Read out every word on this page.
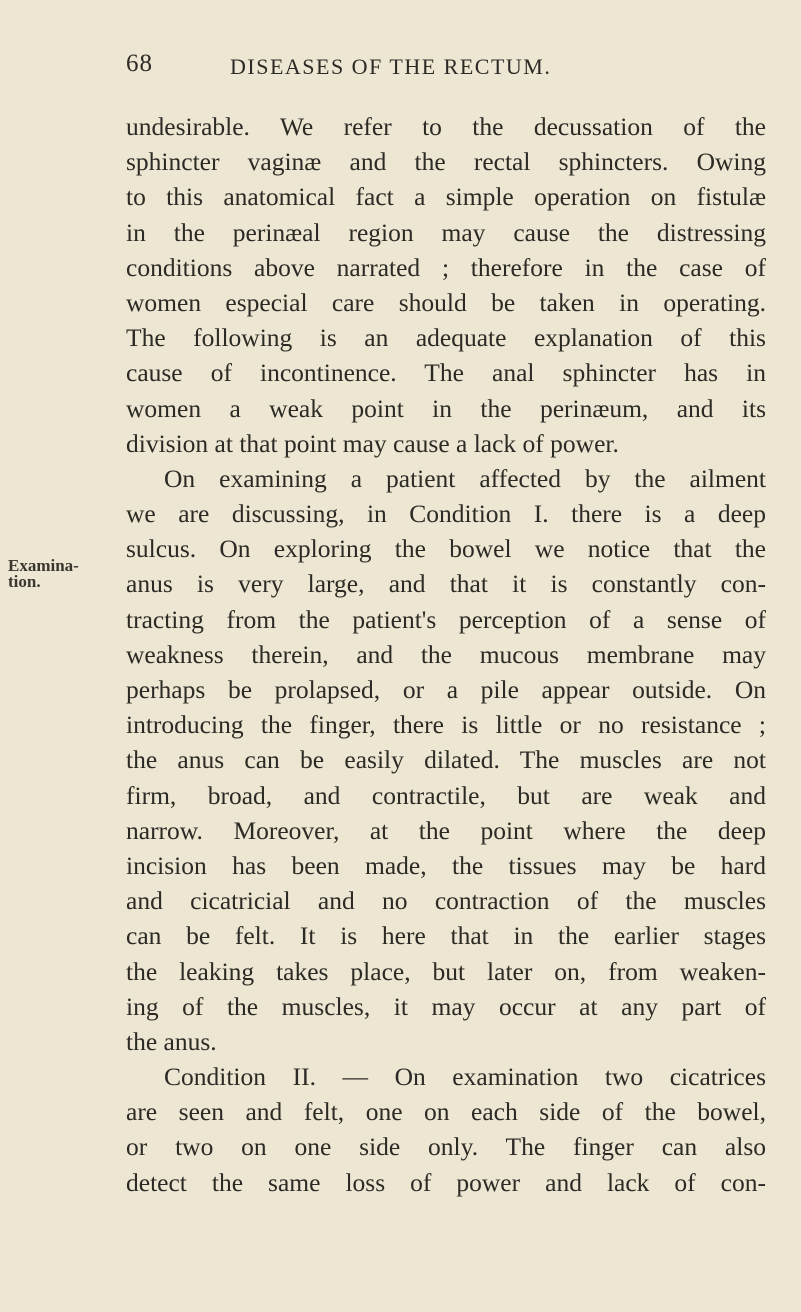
68	DISEASES OF THE RECTUM.
Examina-
tion.
undesirable. We refer to the decussation of the
sphincter vaginæ and the rectal sphincters. Owing
to this anatomical fact a simple operation on fistulæ
in the perinæal region may cause the distressing
conditions above narrated ; therefore in the case of
women especial care should be taken in operating.
The following is an adequate explanation of this
cause of incontinence. The anal sphincter has in
women a weak point in the perinæum, and its
division at that point may cause a lack of power.
On examining a patient affected by the ailment
we are discussing, in Condition I. there is a deep
sulcus. On exploring the bowel we notice that the
anus is very large, and that it is constantly con-
tracting from the patient's perception of a sense of
weakness therein, and the mucous membrane may
perhaps be prolapsed, or a pile appear outside. On
introducing the finger, there is little or no resistance ;
the anus can be easily dilated. The muscles are not
firm, broad, and contractile, but are weak and
narrow. Moreover, at the point where the deep
incision has been made, the tissues may be hard
and cicatricial and no contraction of the muscles
can be felt. It is here that in the earlier stages
the leaking takes place, but later on, from weaken-
ing of the muscles, it may occur at any part of
the anus.
Condition II. — On examination two cicatrices
are seen and felt, one on each side of the bowel,
or two on one side only. The finger can also
detect the same loss of power and lack of con-
